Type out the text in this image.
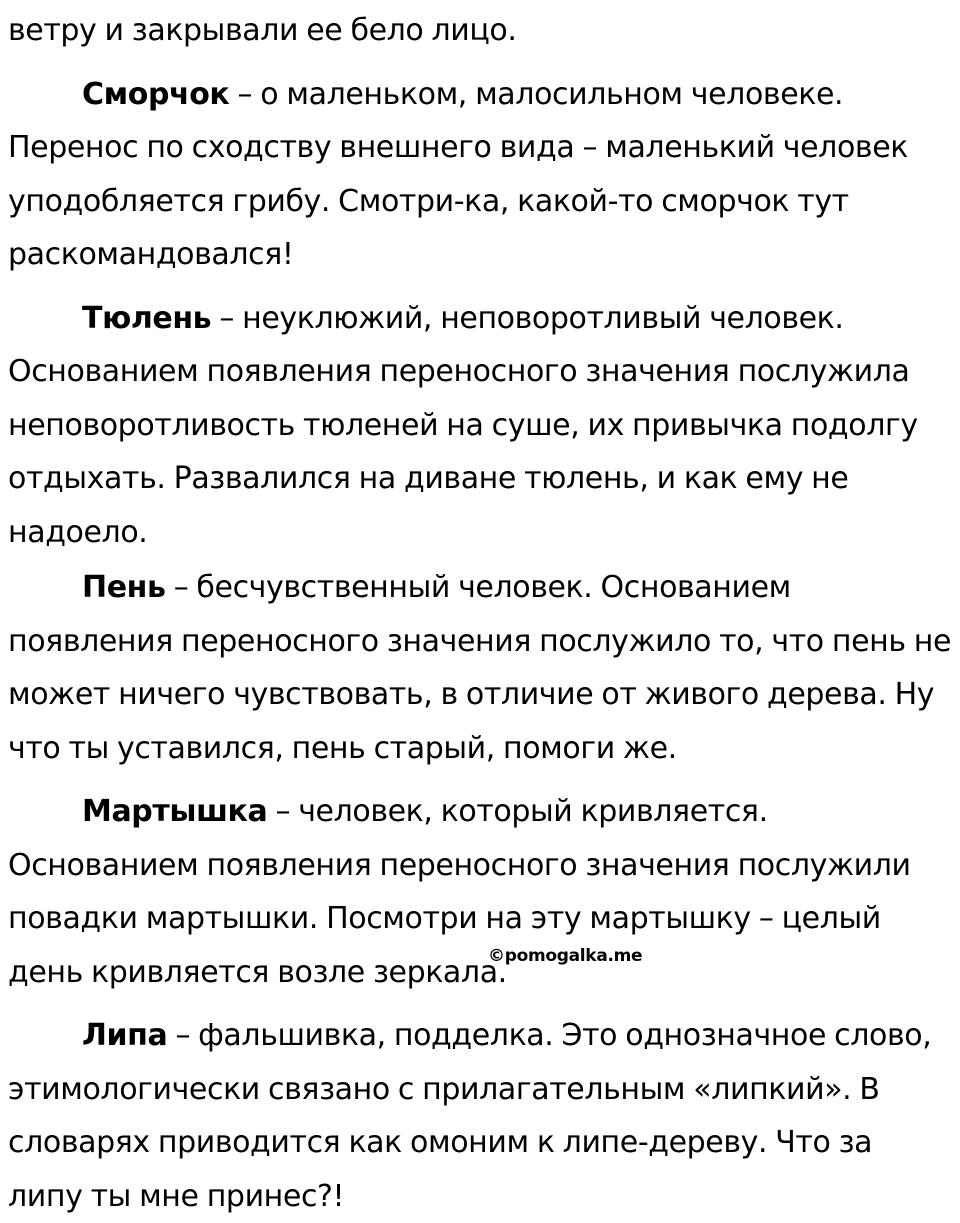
ветру и закрывали ее бело лицо.

Сморчок – о маленьком, малосильном человеке. Перенос по сходству внешнего вида – маленький человек уподобляется грибу. Смотри-ка, какой-то сморчок тут раскомандовался!

Тюлень – неуклюжий, неповоротливый человек. Основанием появления переносного значения послужила неповоротливость тюленей на суше, их привычка подолгу отдыхать. Развалился на диване тюлень, и как ему не надоело.

Пень – бесчувственный человек. Основанием появления переносного значения послужило то, что пень не может ничего чувствовать, в отличие от живого дерева. Ну что ты уставился, пень старый, помоги же.

Мартышка – человек, который кривляется. Основанием появления переносного значения послужили повадки мартышки. Посмотри на эту мартышку – целый день кривляется возле зеркала.

Липа – фальшивка, подделка. Это однозначное слово, этимологически связано с прилагательным «липкий». В словарях приводится как омоним к липе-дереву. Что за липу ты мне принес?!

©pomogalka.me
